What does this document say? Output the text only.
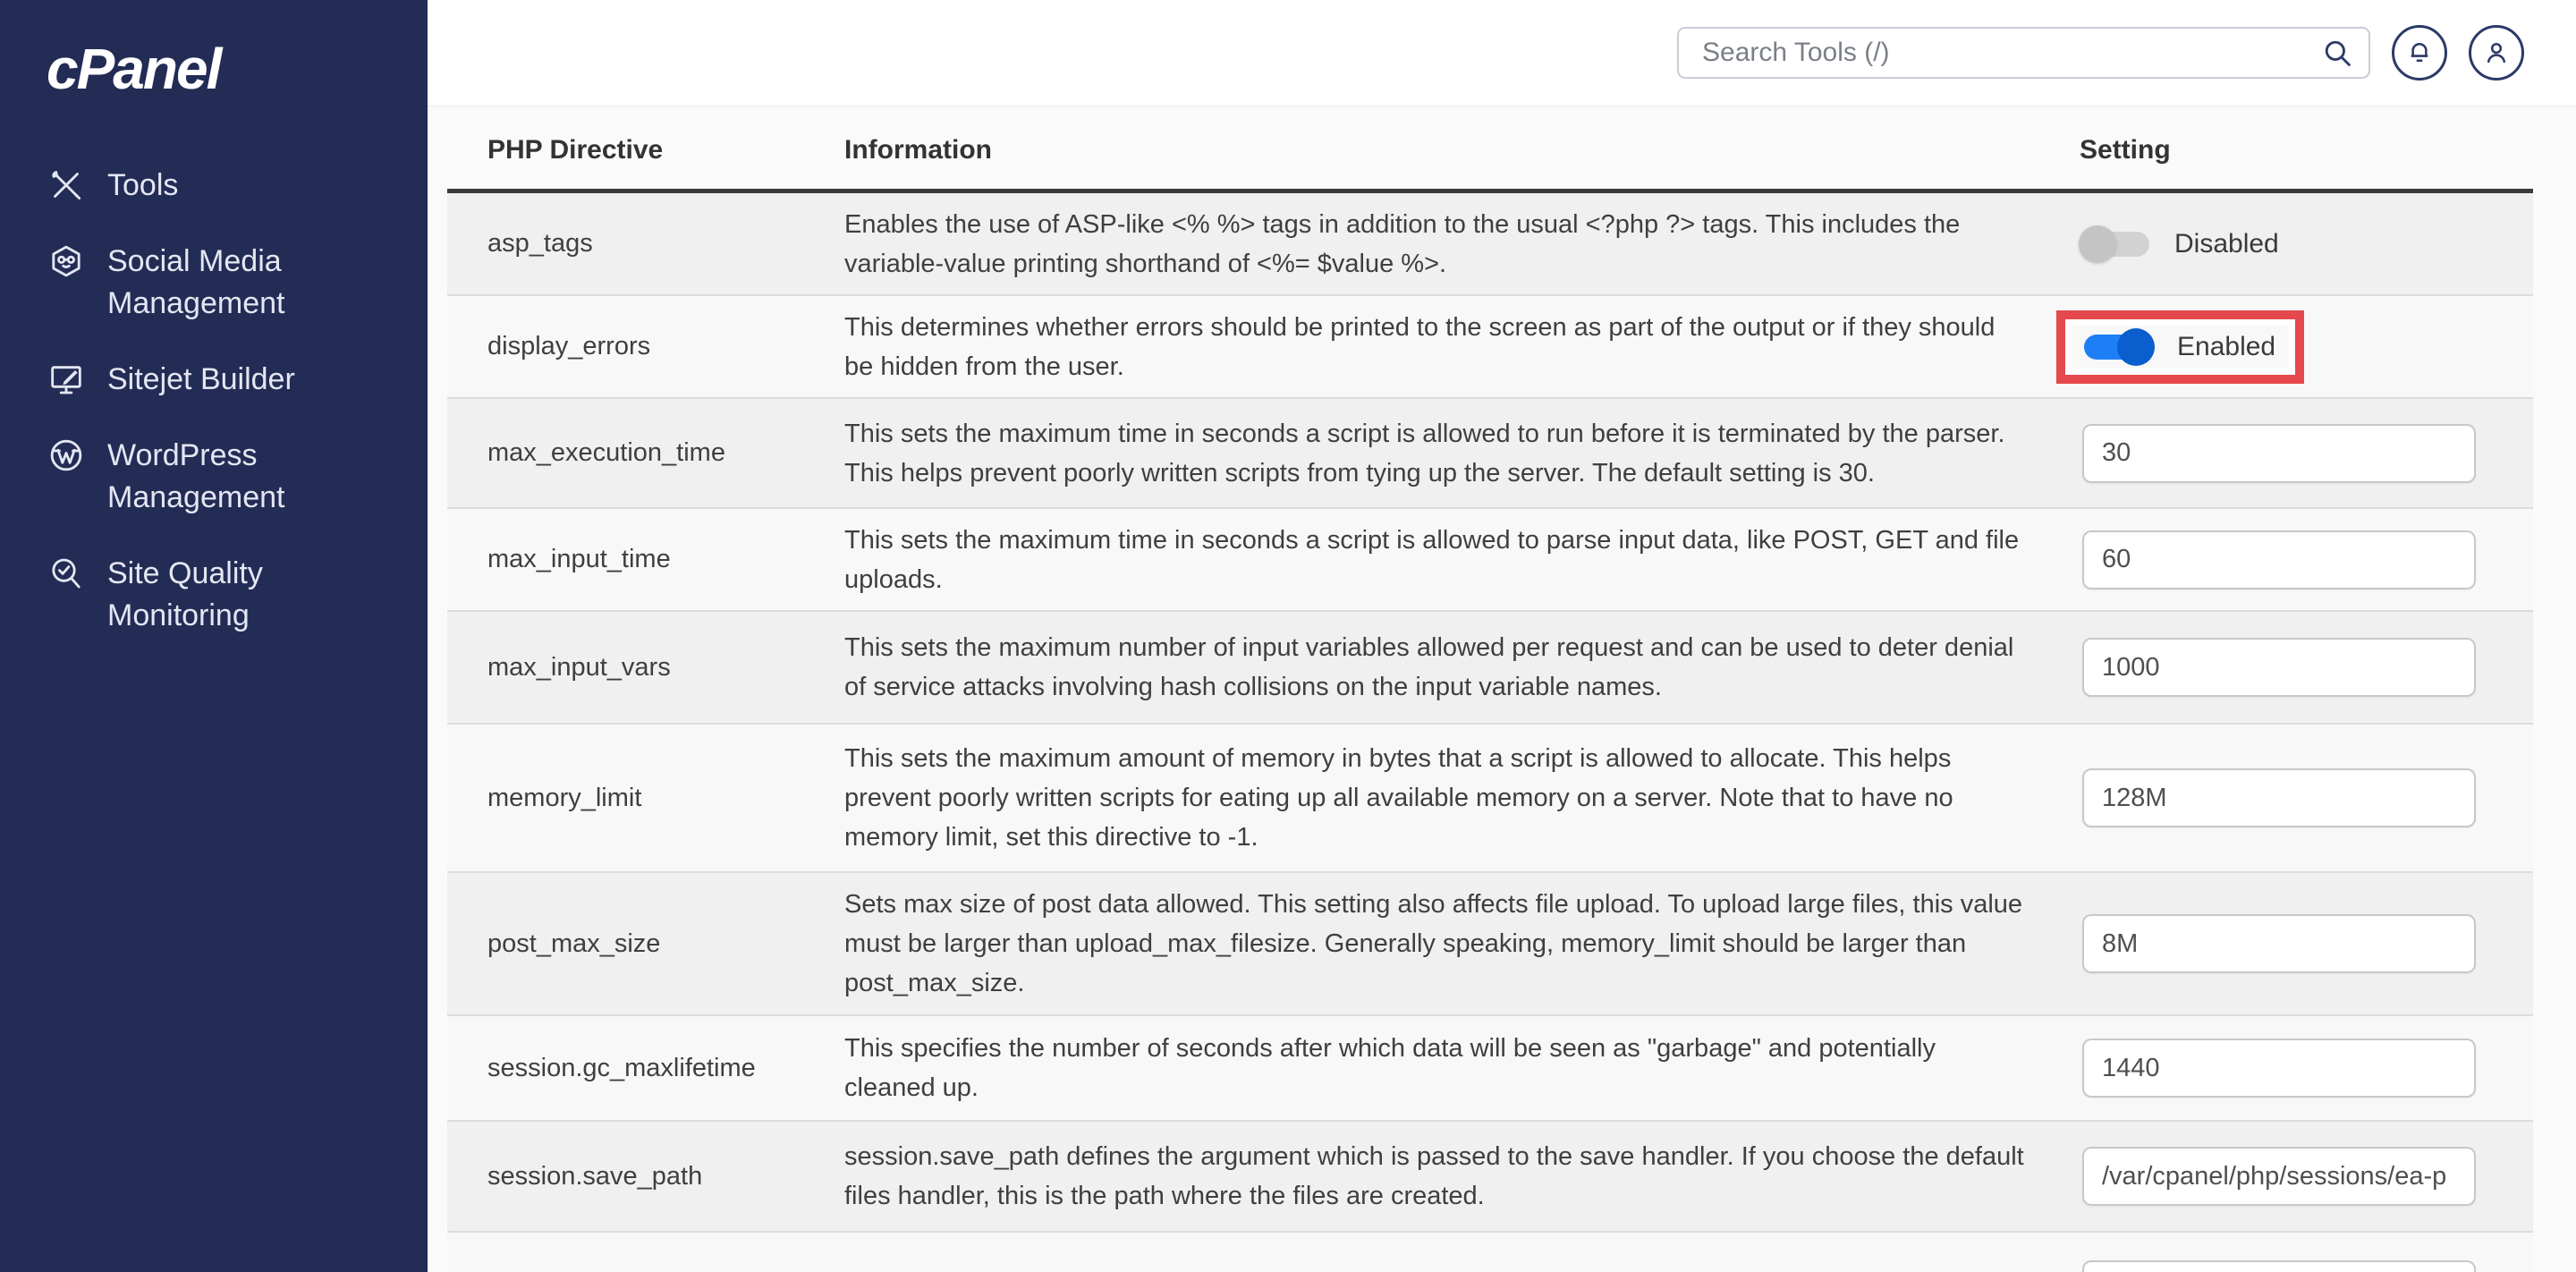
cPanel
Tools
Social Media Management
Sitejet Builder
WordPress Management
Site Quality Monitoring
Search Tools (/)
PHP Directive	Information	Setting
asp_tags
Enables the use of ASP-like <% %> tags in addition to the usual <?php ?> tags. This includes the variable-value printing shorthand of <%= $value %>.
Disabled
display_errors
This determines whether errors should be printed to the screen as part of the output or if they should be hidden from the user.
Enabled
max_execution_time
This sets the maximum time in seconds a script is allowed to run before it is terminated by the parser. This helps prevent poorly written scripts from tying up the server. The default setting is 30.
30
max_input_time
This sets the maximum time in seconds a script is allowed to parse input data, like POST, GET and file uploads.
60
max_input_vars
This sets the maximum number of input variables allowed per request and can be used to deter denial of service attacks involving hash collisions on the input variable names.
1000
memory_limit
This sets the maximum amount of memory in bytes that a script is allowed to allocate. This helps prevent poorly written scripts for eating up all available memory on a server. Note that to have no memory limit, set this directive to -1.
128M
post_max_size
Sets max size of post data allowed. This setting also affects file upload. To upload large files, this value must be larger than upload_max_filesize. Generally speaking, memory_limit should be larger than post_max_size.
8M
session.gc_maxlifetime
This specifies the number of seconds after which data will be seen as "garbage" and potentially cleaned up.
1440
session.save_path
session.save_path defines the argument which is passed to the save handler. If you choose the default files handler, this is the path where the files are created.
/var/cpanel/php/sessions/ea-p
2M
